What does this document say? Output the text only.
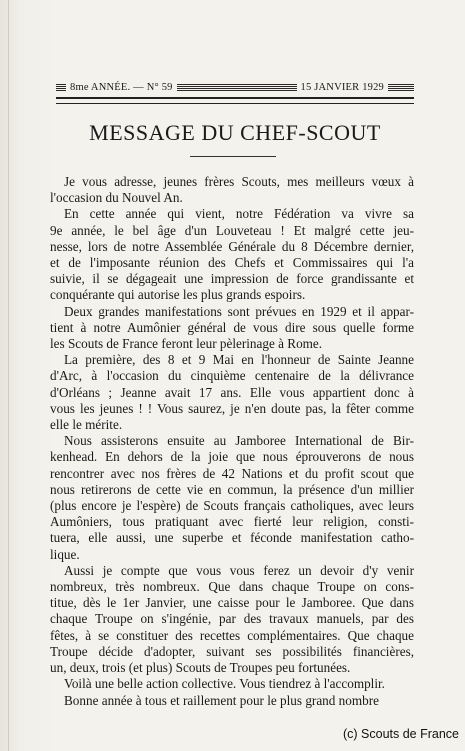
8me ANNÉE. — N° 59	15 JANVIER 1929
MESSAGE DU CHEF-SCOUT

Je vous adresse, jeunes frères Scouts, mes meilleurs vœux à
l'occasion du Nouvel An.

En cette année qui vient, notre Fédération va vivre sa
9e année, le bel âge d'un Louveteau ! Et malgré cette jeu-
nesse, lors de notre Assemblée Générale du 8 Décembre dernier,
et de l'imposante réunion des Chefs et Commissaires qui l'a
suivie, il se dégageait une impression de force grandissante et
conquérante qui autorise les plus grands espoirs.

Deux grandes manifestations sont prévues en 1929 et il appar-
tient à notre Aumônier général de vous dire sous quelle forme
les Scouts de France feront leur pèlerinage à Rome.

La première, des 8 et 9 Mai en l'honneur de Sainte Jeanne
d'Arc, à l'occasion du cinquième centenaire de la délivrance
d'Orléans ; Jeanne avait 17 ans. Elle vous appartient donc à
vous les jeunes ! ! Vous saurez, je n'en doute pas, la fêter comme
elle le mérite.

Nous assisterons ensuite au Jamboree International de Bir-
kenhead. En dehors de la joie que nous éprouverons de nous
rencontrer avec nos frères de 42 Nations et du profit scout que
nous retirerons de cette vie en commun, la présence d'un millier
(plus encore je l'espère) de Scouts français catholiques, avec leurs
Aumôniers, tous pratiquant avec fierté leur religion, consti-
tuera, elle aussi, une superbe et féconde manifestation catho-
lique.

Aussi je compte que vous vous ferez un devoir d'y venir
nombreux, très nombreux. Que dans chaque Troupe on cons-
titue, dès le 1er Janvier, une caisse pour le Jamboree. Que dans
chaque Troupe on s'ingénie, par des travaux manuels, par des
fêtes, à se constituer des recettes complémentaires. Que chaque
Troupe décide d'adopter, suivant ses possibilités financières,
un, deux, trois (et plus) Scouts de Troupes peu fortunées.

Voilà une belle action collective. Vous tiendrez à l'accomplir.

Bonne année à tous et raillement pour le plus grand nombre

(c) Scouts de France
